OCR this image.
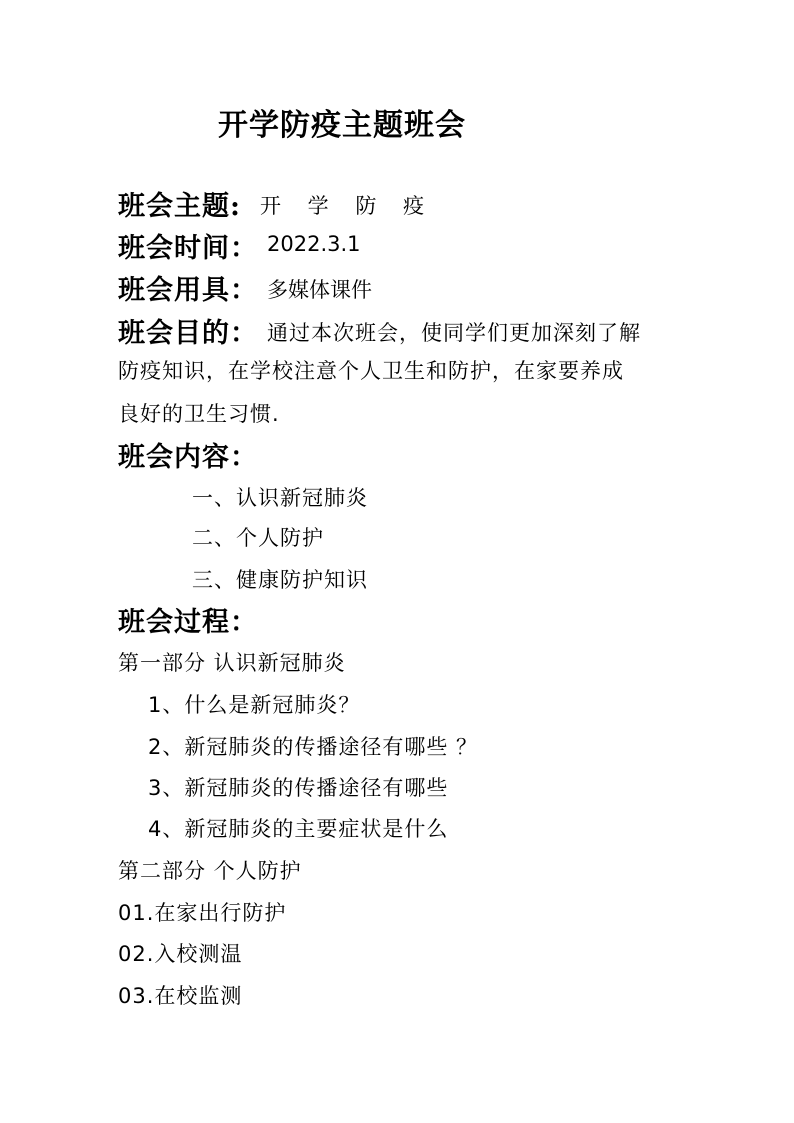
开学防疫主题班会
班会主题: 开 学 防 疫
班会时间： 2022.3.1
班会用具： 多媒体课件
班会目的： 通过本次班会，使同学们更加深刻了解
防疫知识，在学校注意个人卫生和防护，在家要养成
良好的卫生习惯.
班会内容：
一、认识新冠肺炎
二、个人防护
三、健康防护知识
班会过程：
第一部分 认识新冠肺炎
1、什么是新冠肺炎？
2、新冠肺炎的传播途径有哪些 ？
3、新冠肺炎的传播途径有哪些
4、新冠肺炎的主要症状是什么
第二部分 个人防护
01.在家出行防护
02.入校测温
03.在校监测
